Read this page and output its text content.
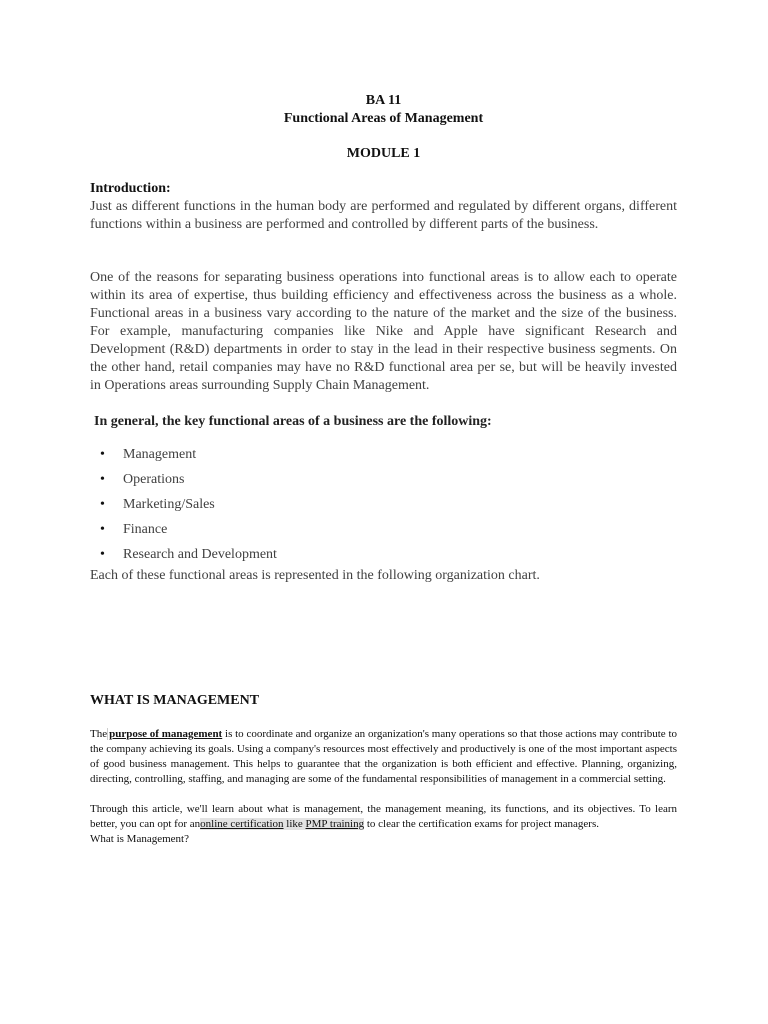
BA 11
Functional Areas of Management
MODULE 1
Introduction:

Just as different functions in the human body are performed and regulated by different organs, different functions within a business are performed and controlled by different parts of the business.

One of the reasons for separating business operations into functional areas is to allow each to operate within its area of expertise, thus building efficiency and effectiveness across the business as a whole. Functional areas in a business vary according to the nature of the market and the size of the business. For example, manufacturing companies like Nike and Apple have significant Research and Development (R&D) departments in order to stay in the lead in their respective business segments. On the other hand, retail companies may have no R&D functional area per se, but will be heavily invested in Operations areas surrounding Supply Chain Management.

In general, the key functional areas of a business are the following:
• Management
• Operations
• Marketing/Sales
• Finance
• Research and Development
Each of these functional areas is represented in the following organization chart.
WHAT IS MANAGEMENT

The purpose of management is to coordinate and organize an organization's many operations so that those actions may contribute to the company achieving its goals. Using a company's resources most effectively and productively is one of the most important aspects of good business management. This helps to guarantee that the organization is both efficient and effective. Planning, organizing, directing, controlling, staffing, and managing are some of the fundamental responsibilities of management in a commercial setting.

Through this article, we'll learn about what is management, the management meaning, its functions, and its objectives. To learn better, you can opt for anonline certification like PMP training to clear the certification exams for project managers.

What is Management?
